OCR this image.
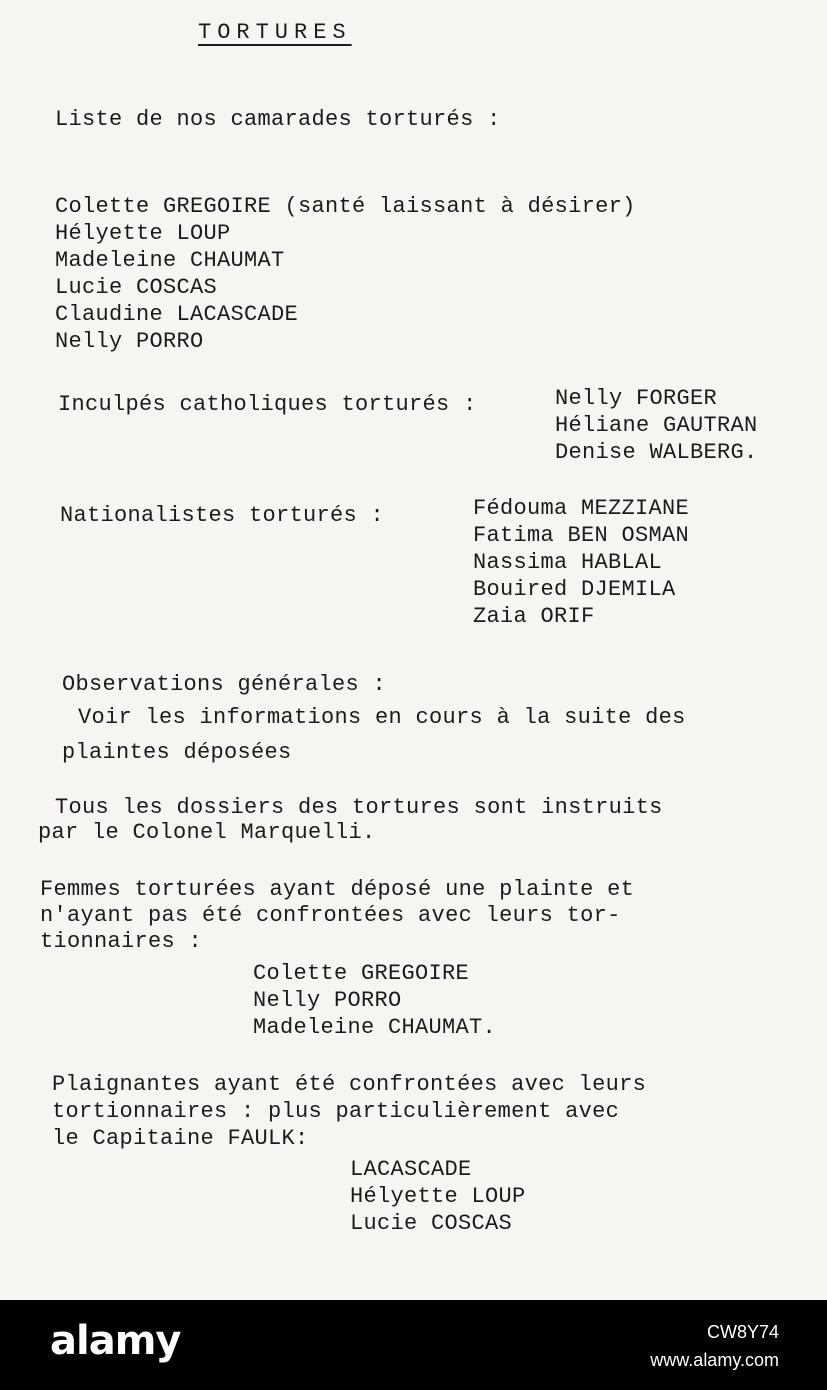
TORTURES

Liste de nos camarades torturés :

Colette GREGOIRE (santé laissant à désirer)
Hélyette LOUP
Madeleine CHAUMAT
Lucie COSCAS
Claudine LACASCADE
Nelly PORRO

Inculpés catholiques torturés :	Nelly FORGER
Héliane GAUTRAN
Denise WALBERG.

Nationalistes torturés :	Fédouma MEZZIANE
Fatima BEN OSMAN
Nassima HABLAL
Bouired DJEMILA
Zaia ORIF

Observations générales :

Voir les informations en cours à la suite des

plaintes déposées

Tous les dossiers des tortures sont instruits

par le Colonel Marquelli.

Femmes torturées ayant déposé une plainte et

n'ayant pas été confrontées avec leurs tor-

tionnaires :

Colette GREGOIRE
Nelly PORRO
Madeleine CHAUMAT.

Plaignantes ayant été confrontées avec leurs

tortionnaires : plus particulièrement avec

le Capitaine FAULK:

LACASCADE
Hélyette LOUP
Lucie COSCAS
alamy	CW8Y74
www.alamy.com
